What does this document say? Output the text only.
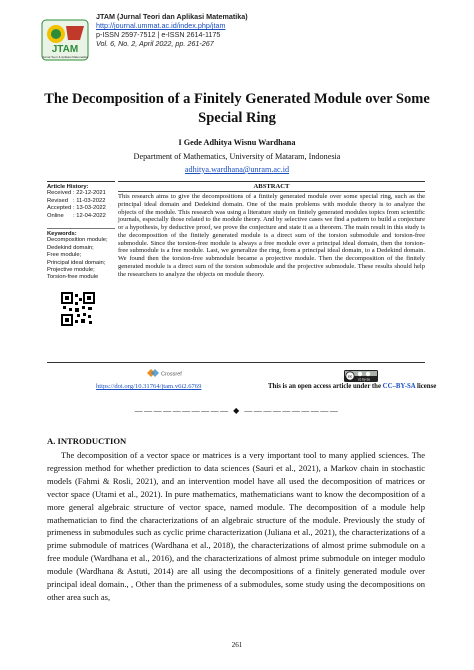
JTAM
Jurnal Teori & Aplikasi Matematika
JTAM (Jurnal Teori dan Aplikasi Matematika)
http://journal.ummat.ac.id/index.php/jtam
p-ISSN 2597-7512 | e-ISSN 2614-1175
Vol. 6, No. 2, April 2022, pp. 261-267
The Decomposition of a Finitely Generated Module over Some Special Ring
I Gede Adhitya Wisnu Wardhana
Department of Mathematics, University of Mataram, Indonesia
adhitya.wardhana@unram.ac.id
Article History:
Received : 22-12-2021
Revised : 11-03-2022
Accepted : 13-03-2022
Online	: 12-04-2022
Keywords:
Decomposition module;
Dedekind domain;
Free module;
Principal ideal domain;
Projective module;
Torsion-free module
ABSTRACT
This research aims to give the decompositions of a finitely generated module over some special ring, such as the principal ideal domain and Dedekind domain. One of the main problems with module theory is to analyze the objects of the module. This research was using a literature study on finitely generated modules topics from scientific journals, especially those related to the module theory. And by selective cases we find a pattern to build a conjecture or a hypothesis, by deductive proof, we prove the conjecture and state it as a theorem. The main result in this study is the decomposition of the finitely generated module is a direct sum of the torsion submodule and torsion-free submodule. Since the torsion-free module is always a free module over a principal ideal domain, then the torsion-free submodule is a free module. Last, we generalize the ring, from a principal ideal domain, to a Dedekind domain. We found then the torsion-free submodule became a projective module. Then the decomposition of the finitely generated module is a direct sum of the torsion submodule and the projective submodule. These results should help the researchers to analyze the objects on module theory.
Crossref
https://doi.org/10.31764/jtam.v6i2.6769
cc
cc by sa
This is an open access article under the CC–BY-SA license
—————————— ◆ ——————————
A. INTRODUCTION

The decomposition of a vector space or matrices is a very important tool to many applied sciences. The regression method for whether prediction to data sciences (Sauri et al., 2021), a Markov chain in stochastic models (Fahmi & Rosli, 2021), and an intervention model have all used the decomposition of matrices or vector space (Utami et al., 2021). In pure mathematics, mathematicians want to know the decomposition of a more general algebraic structure of vector space, named module. The decomposition of a module help mathematician to find the characterizations of an algebraic structure of the module. Previously the study of primeness in submodules such as cyclic prime characterization (Juliana et al., 2021), the characterizations of a prime submodule of matrices (Wardhana et al., 2018), the characterizations of almost prime submodule on a free module (Wardhana et al., 2016), and the characterizations of almost prime submodule on integer modulo module (Wardhana & Astuti, 2014) are all using the decompositions of a finitely generated module over principal ideal domain., , Other than the primeness of a submodules, some study using the decompositions on other area such as,

261
